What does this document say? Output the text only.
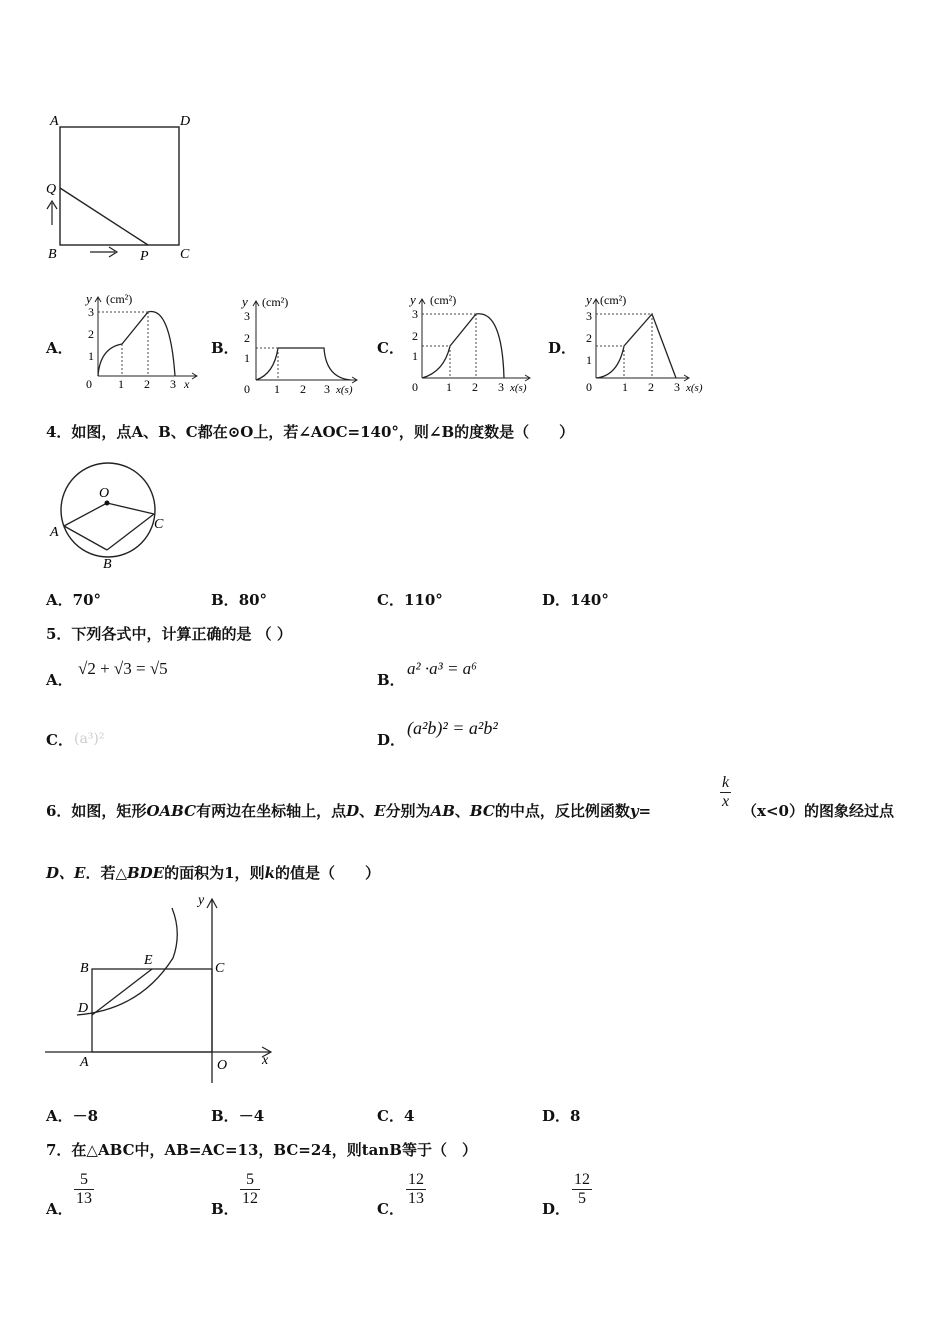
A	D
Q
B	P C
A．	B．	C．	D．
y (cm²)
3
2
1
0 1 2 3 x
y (cm²)
3
2
1
0 1 2 3 x(s)
y (cm²)
3
2
1
0 1 2 3 x(s)
y (cm²)
3
2
1
0	1 2 3 x(s)
4．如图，点A、B、C都在⊙O上，若∠AOC=140°，则∠B的度数是（　　）
O
A
B
C
A．70°	B．80°	C．110°	D．140°
5．下列各式中，计算正确的是 （ ）
A．
√2 + √3 = √5
B．
a² ·a³ = a⁶
C． (a³)²	D．
(a²b)² = a²b²
6．如图，矩形OABC有两边在坐标轴上，点D、E分别为AB、BC的中点，反比例函数y=	$\frac{k}{x} (x<0)$的图象经过点
D、E．若△BDE的面积为1，则k的值是（　　）
B
E
C
D
A	O x
y
A．－8	B．－4	C．4	D．8
7．在△ABC中，AB=AC=13，BC=24，则tanB等于（　）
A．
$\frac{5}{13}$
B．
$\frac{5}{12}$
C．
$\frac{12}{13}$
D．
$\frac{12}{5}$
